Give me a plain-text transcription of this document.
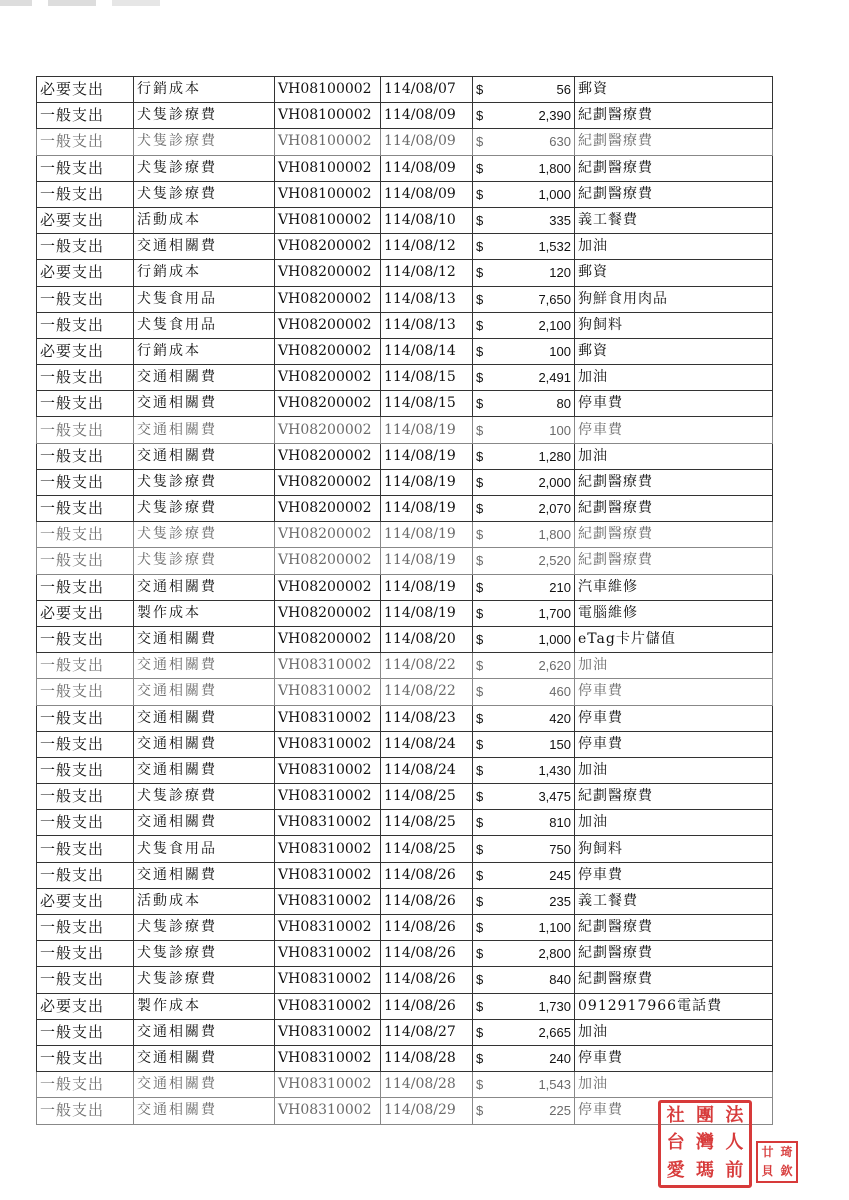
必要支出	行銷成本	VH08100002	114/08/07	$ 56	郵資
一般支出	犬隻診療費	VH08100002	114/08/09	$ 2,390	紀劃醫療費
一般支出	犬隻診療費	VH08100002	114/08/09	$ 630	紀劃醫療費
一般支出	犬隻診療費	VH08100002	114/08/09	$ 1,800	紀劃醫療費
一般支出	犬隻診療費	VH08100002	114/08/09	$ 1,000	紀劃醫療費
必要支出	活動成本	VH08100002	114/08/10	$ 335	義工餐費
一般支出	交通相關費	VH08200002	114/08/12	$ 1,532	加油
必要支出	行銷成本	VH08200002	114/08/12	$ 120	郵資
一般支出	犬隻食用品	VH08200002	114/08/13	$ 7,650	狗鮮食用肉品
一般支出	犬隻食用品	VH08200002	114/08/13	$ 2,100	狗飼料
必要支出	行銷成本	VH08200002	114/08/14	$ 100	郵資
一般支出	交通相關費	VH08200002	114/08/15	$ 2,491	加油
一般支出	交通相關費	VH08200002	114/08/15	$ 80	停車費
一般支出	交通相關費	VH08200002	114/08/19	$ 100	停車費
一般支出	交通相關費	VH08200002	114/08/19	$ 1,280	加油
一般支出	犬隻診療費	VH08200002	114/08/19	$ 2,000	紀劃醫療費
一般支出	犬隻診療費	VH08200002	114/08/19	$ 2,070	紀劃醫療費
一般支出	犬隻診療費	VH08200002	114/08/19	$ 1,800	紀劃醫療費
一般支出	犬隻診療費	VH08200002	114/08/19	$ 2,520	紀劃醫療費
一般支出	交通相關費	VH08200002	114/08/19	$ 210	汽車維修
必要支出	製作成本	VH08200002	114/08/19	$ 1,700	電腦維修
一般支出	交通相關費	VH08200002	114/08/20	$ 1,000	eTag卡片儲值
一般支出	交通相關費	VH08310002	114/08/22	$ 2,620	加油
一般支出	交通相關費	VH08310002	114/08/22	$ 460	停車費
一般支出	交通相關費	VH08310002	114/08/23	$ 420	停車費
一般支出	交通相關費	VH08310002	114/08/24	$ 150	停車費
一般支出	交通相關費	VH08310002	114/08/24	$ 1,430	加油
一般支出	犬隻診療費	VH08310002	114/08/25	$ 3,475	紀劃醫療費
一般支出	交通相關費	VH08310002	114/08/25	$ 810	加油
一般支出	犬隻食用品	VH08310002	114/08/25	$ 750	狗飼料
一般支出	交通相關費	VH08310002	114/08/26	$ 245	停車費
必要支出	活動成本	VH08310002	114/08/26	$ 235	義工餐費
一般支出	犬隻診療費	VH08310002	114/08/26	$ 1,100	紀劃醫療費
一般支出	犬隻診療費	VH08310002	114/08/26	$ 2,800	紀劃醫療費
一般支出	犬隻診療費	VH08310002	114/08/26	$ 840	紀劃醫療費
必要支出	製作成本	VH08310002	114/08/26	$ 1,730	0912917966電話費
一般支出	交通相關費	VH08310002	114/08/27	$ 2,665	加油
一般支出	交通相關費	VH08310002	114/08/28	$ 240	停車費
一般支出	交通相關費	VH08310002	114/08/28	$ 1,543	加油
一般支出	交通相關費	VH08310002	114/08/29	$ 225	停車費	社 團 法
台 灣 人
愛 瑪 前
廿 琦
貝 欽
